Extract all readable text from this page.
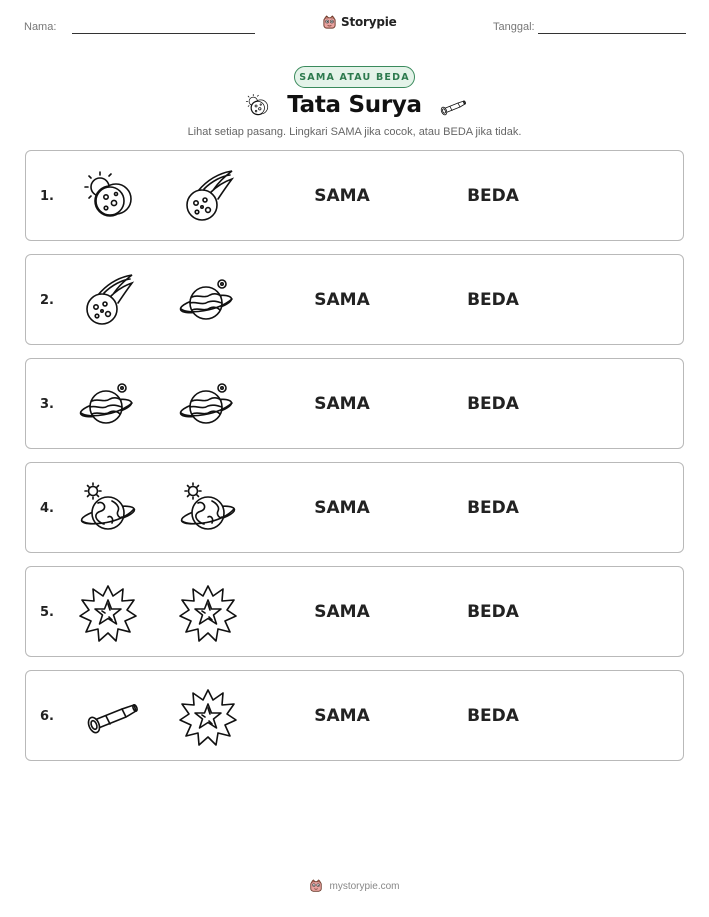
Nama:	Storypie	Tanggal:
SAMA ATAU BEDA
Tata Surya
Lihat setiap pasang. Lingkari SAMA jika cocok, atau BEDA jika tidak.
1.	SAMA	BEDA
2.	SAMA	BEDA
3.	SAMA	BEDA
4.	SAMA	BEDA
5.	SAMA	BEDA
6.	SAMA	BEDA
mystorypie.com
